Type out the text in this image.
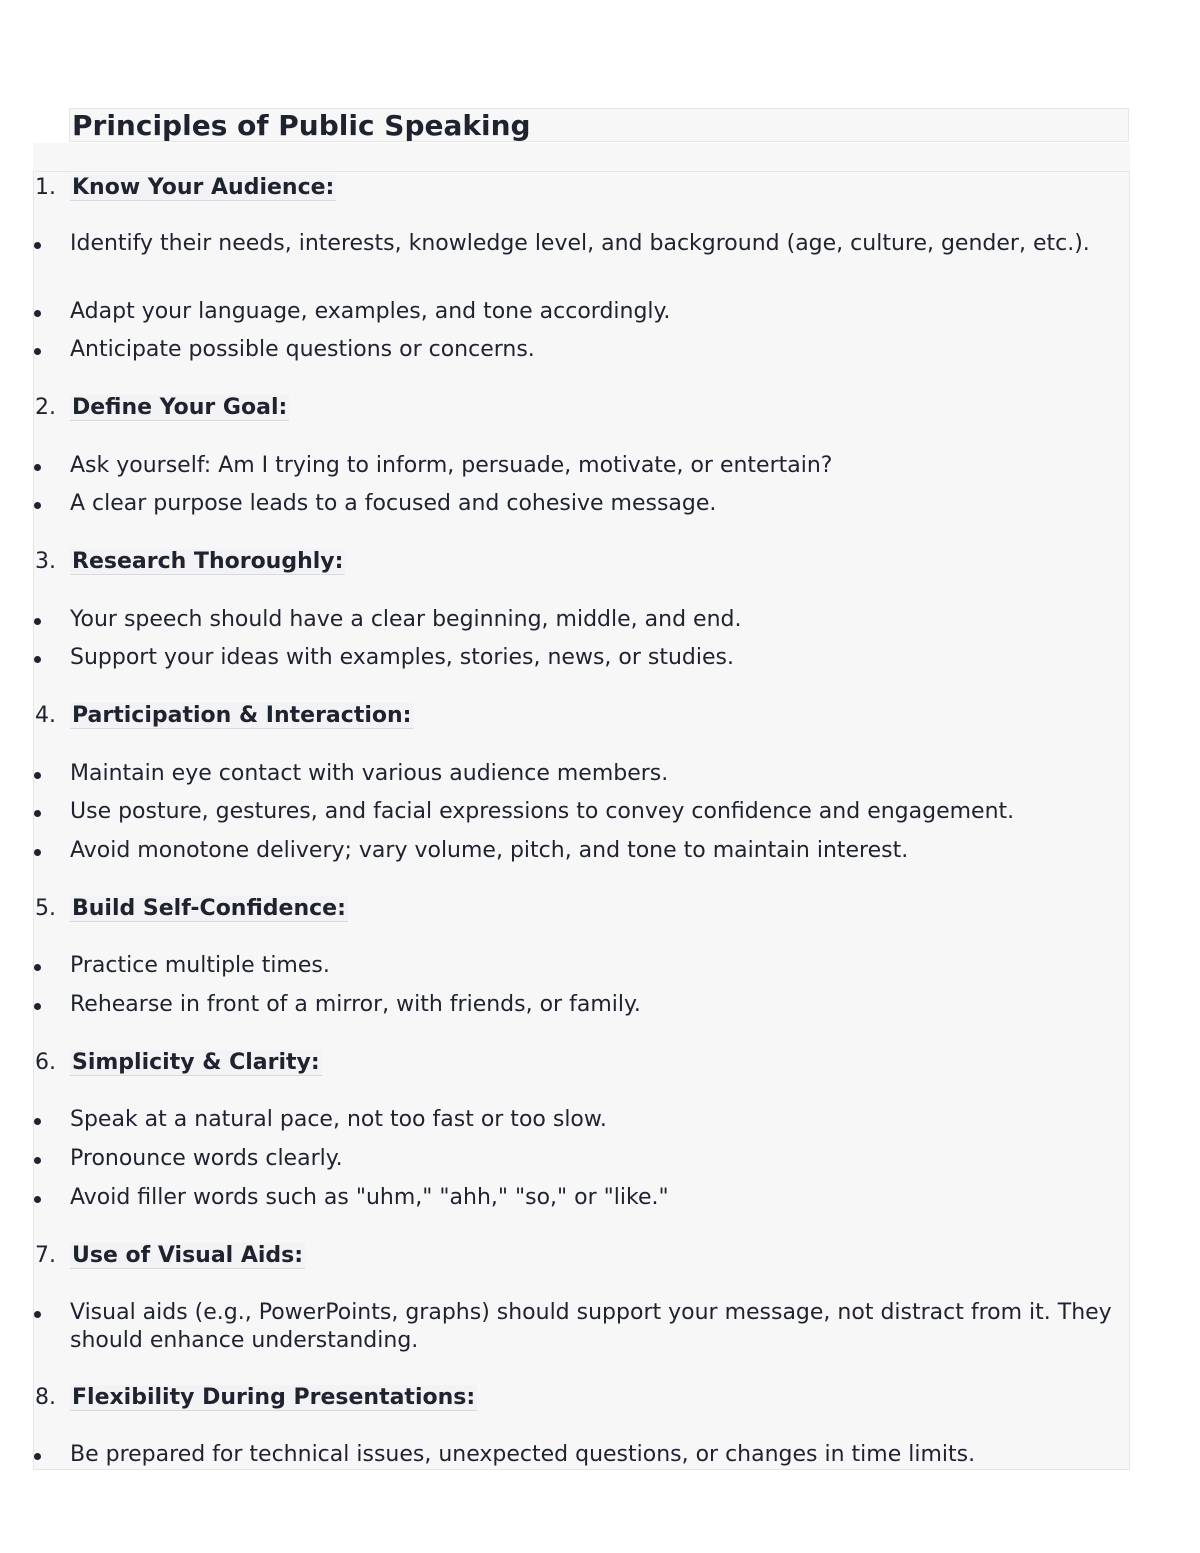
Principles of Public Speaking
1. Know Your Audience:
Identify their needs, interests, knowledge level, and background (age, culture, gender, etc.).
Adapt your language, examples, and tone accordingly.
Anticipate possible questions or concerns.
2. Define Your Goal:
Ask yourself: Am I trying to inform, persuade, motivate, or entertain?
A clear purpose leads to a focused and cohesive message.
3. Research Thoroughly:
Your speech should have a clear beginning, middle, and end.
Support your ideas with examples, stories, news, or studies.
4. Participation & Interaction:
Maintain eye contact with various audience members.
Use posture, gestures, and facial expressions to convey confidence and engagement.
Avoid monotone delivery; vary volume, pitch, and tone to maintain interest.
5. Build Self-Confidence:
Practice multiple times.
Rehearse in front of a mirror, with friends, or family.
6. Simplicity & Clarity:
Speak at a natural pace, not too fast or too slow.
Pronounce words clearly.
Avoid filler words such as "uhm," "ahh," "so," or "like."
7. Use of Visual Aids:
Visual aids (e.g., PowerPoints, graphs) should support your message, not distract from it. They should enhance understanding.
8. Flexibility During Presentations:
Be prepared for technical issues, unexpected questions, or changes in time limits.
